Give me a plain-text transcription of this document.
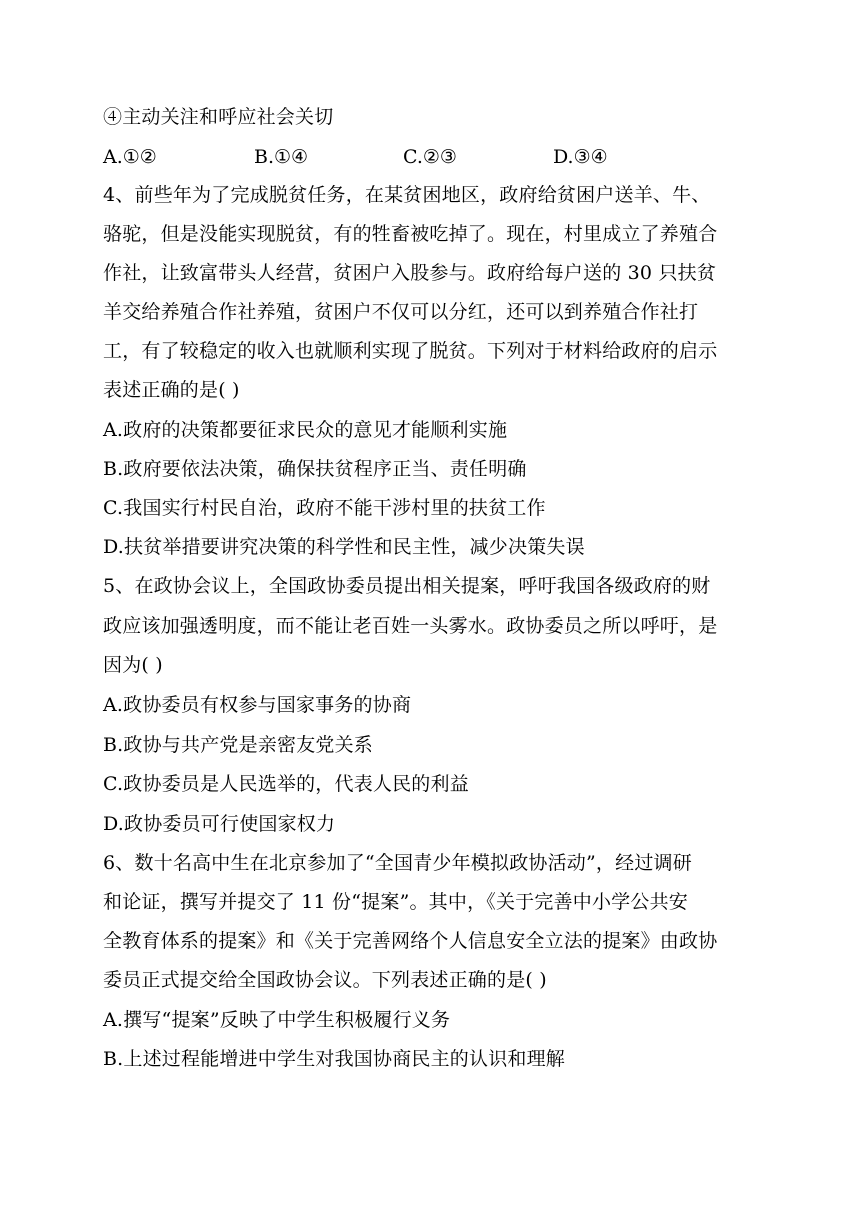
④主动关注和呼应社会关切
A.①②	B.①④	C.②③	D.③④
4、前些年为了完成脱贫任务，在某贫困地区，政府给贫困户送羊、牛、
骆驼，但是没能实现脱贫，有的牲畜被吃掉了。现在，村里成立了养殖合
作社，让致富带头人经营，贫困户入股参与。政府给每户送的 30 只扶贫
羊交给养殖合作社养殖，贫困户不仅可以分红，还可以到养殖合作社打
工，有了较稳定的收入也就顺利实现了脱贫。下列对于材料给政府的启示
表述正确的是( )
A.政府的决策都要征求民众的意见才能顺利实施
B.政府要依法决策，确保扶贫程序正当、责任明确
C.我国实行村民自治，政府不能干涉村里的扶贫工作
D.扶贫举措要讲究决策的科学性和民主性，减少决策失误
5、在政协会议上，全国政协委员提出相关提案，呼吁我国各级政府的财
政应该加强透明度，而不能让老百姓一头雾水。政协委员之所以呼吁，是
因为( )
A.政协委员有权参与国家事务的协商
B.政协与共产党是亲密友党关系
C.政协委员是人民选举的，代表人民的利益
D.政协委员可行使国家权力
6、数十名高中生在北京参加了“全国青少年模拟政协活动”，经过调研
和论证，撰写并提交了 11 份“提案”。其中，《关于完善中小学公共安
全教育体系的提案》和《关于完善网络个人信息安全立法的提案》由政协
委员正式提交给全国政协会议。下列表述正确的是( )
A.撰写“提案”反映了中学生积极履行义务
B.上述过程能增进中学生对我国协商民主的认识和理解
